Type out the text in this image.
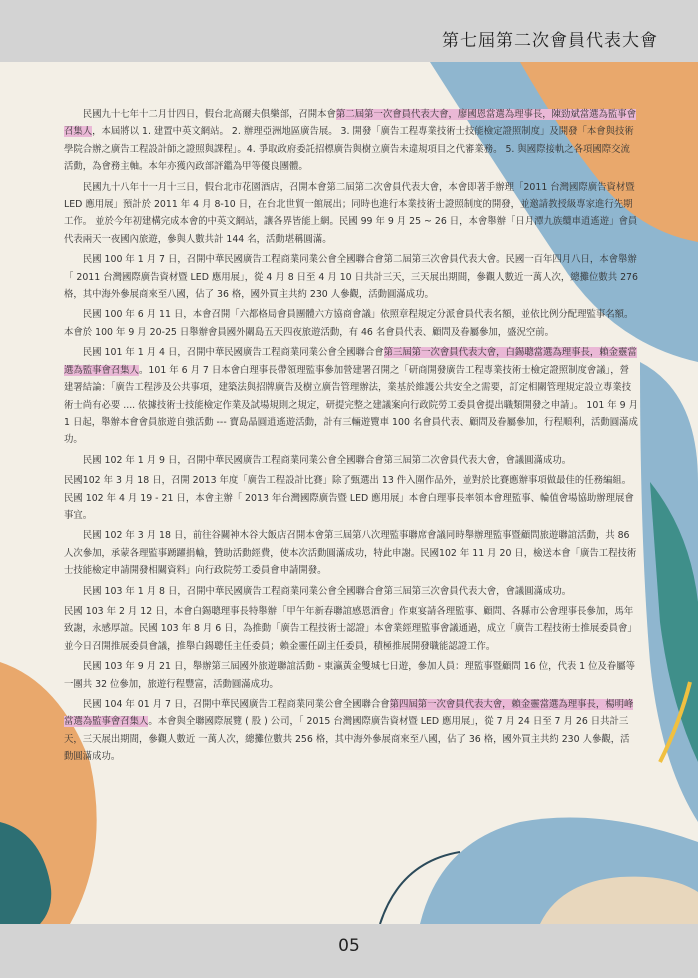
第七屆第二次會員代表大會

民國九十七年十二月廿四日，假台北高爾夫俱樂部，召開本會第二屆第一次會員代表大會，廖國恩當選為理事長，陳勁斌當選為監事會召集人，本屆將以 1. 建置中英文網站。 2. 辦理亞洲地區廣告展。 3. 開發「廣告工程專業技術士技能檢定證照制度」及開發「本會與技術學院合辦之廣告工程設計師之證照與課程」。4. 爭取政府委託招標廣告與樹立廣告未違規項目之代審業務。 5. 與國際接軌之各項國際交流活動，為會務主軸。本年亦獲內政部評鑑為甲等優良團體。

民國九十八年十一月十三日，假台北市花園酒店，召開本會第二屆第二次會員代表大會，本會即著手辦理「2011 台灣國際廣告資材暨 LED 應用展」預計於 2011 年 4 月 8-10 日，在台北世貿一館展出；同時也進行本業技術士證照制度的開發，並邀請教授級專家進行先期工作。 並於今年初建構完成本會的中英文網站，讓各界皆能上網。民國 99 年 9 月 25 ~ 26 日，本會舉辦「日月潭九族纜車逍遙遊」會員代表兩天一夜國內旅遊，參與人數共計 144 名，活動堪稱圓滿。

民國 100 年 1 月 7 日，召開中華民國廣告工程商業同業公會全國聯合會第二屆第三次會員代表大會。民國一百年四月八日，本會舉辦「 2011 台灣國際廣告資材暨 LED 應用展」，從 4 月 8 日至 4 月 10 日共計三天，三天展出期間，參觀人數近一萬人次，總攤位數共 276 格，其中海外參展商來至八國，佔了 36 格，國外買主共約 230 人參觀，活動圓滿成功。

民國 100 年 6 月 11 日，本會召開「六都格局會員團體六方協商會議」依照章程規定分派會員代表名額，並依比例分配理監事名額。本會於 100 年 9 月 20-25 日舉辦會員國外關島五天四夜旅遊活動，有 46 名會員代表、顧問及眷屬參加，盛況空前。

民國 101 年 1 月 4 日，召開中華民國廣告工程商業同業公會全國聯合會第三屆第一次會員代表大會，白錫聰當選為理事長，賴金靈當選為監事會召集人。101 年 6 月 7 日本會白理事長帶領理監事參加營建署召開之「研商開發廣告工程專業技術士檢定證照制度會議」，營建署結論：「廣告工程涉及公共事項，建築法與招牌廣告及樹立廣告管理辦法，業基於維護公共安全之需要，訂定相關管理規定設立專業技術士尚有必要 .... 依據技術士技能檢定作業及試場規則之規定，研提完整之建議案向行政院勞工委員會提出職類開發之申請」。 101 年 9 月 1 日起，舉辦本會會員旅遊自強活動 --- 寶島晶圓逍遙遊活動，計有三輛遊覽車 100 名會員代表、顧問及眷屬參加，行程順利，活動圓滿成功。

民國 102 年 1 月 9 日，召開中華民國廣告工程商業同業公會全國聯合會第三屆第二次會員代表大會，會議圓滿成功。

民國102 年 3 月 18 日，召開 2013 年度「廣告工程設計比賽」除了甄選出 13 件入圍作品外，並對於比賽應辦事項做最佳的任務編組。民國 102 年 4 月 19 - 21 日，本會主辦「 2013 年台灣國際廣告暨 LED 應用展」本會白理事長率領本會理監事、輪值會場協助辦理展會事宜。

民國 102 年 3 月 18 日，前往谷關神木谷大飯店召開本會第三屆第八次理監事聯席會議同時舉辦理監事暨顧問旅遊聯誼活動，共 86 人次參加，承蒙各理監事踴躍捐輸，贊助活動經費，使本次活動圓滿成功，特此申謝。民國102 年 11 月 20 日，檢送本會「廣告工程技術士技能檢定申請開發相關資料」向行政院勞工委員會申請開發。

民國 103 年 1 月 8 日，召開中華民國廣告工程商業同業公會全國聯合會第三屆第三次會員代表大會，會議圓滿成功。

民國 103 年 2 月 12 日，本會白錫聰理事長特舉辦「甲午年新春聯誼感恩酒會」作東宴請各理監事、顧問、各縣市公會理事長參加，馬年致謝，永感厚誼。民國 103 年 8 月 6 日，為推動「廣告工程技術士認證」本會業經理監事會議通過，成立「廣告工程技術士推展委員會」並今日召開推展委員會議，推舉白錫聰任主任委員；賴金靈任副主任委員，積極推展開發職能認證工作。

民國 103 年 9 月 21 日，舉辦第三屆國外旅遊聯誼活動 - 東瀛黃金雙城七日遊，參加人員：理監事暨顧問 16 位，代表 1 位及眷屬等一團共 32 位參加，旅遊行程豐富，活動圓滿成功。

民國 104 年 01 月 7 日，召開中華民國廣告工程商業同業公會全國聯合會第四屆第一次會員代表大會，賴金靈當選為理事長，楊明峰當選為監事會召集人。本會與全聯國際展覽 ( 股 ) 公司，「 2015 台灣國際廣告資材暨 LED 應用展」，從 7 月 24 日至 7 月 26 日共計三天，三天展出期間，參觀人數近 一萬人次，總攤位數共 256 格，其中海外參展商來至八國，佔了 36 格，國外買主共約 230 人參觀，活動圓滿成功。

05
